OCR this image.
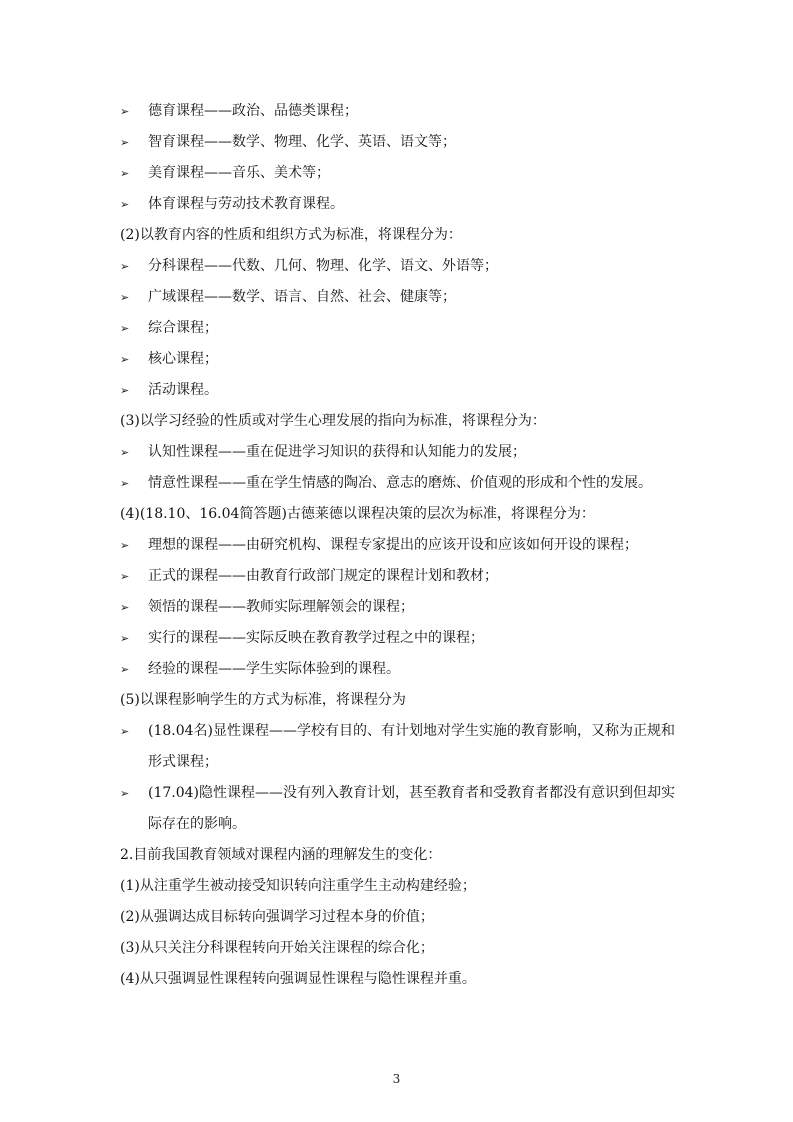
➢	德育课程——政治、品德类课程；
➢	智育课程——数学、物理、化学、英语、语文等；
➢	美育课程——音乐、美术等；
➢	体育课程与劳动技术教育课程。
(2)以教育内容的性质和组织方式为标准，将课程分为：
➢	分科课程——代数、几何、物理、化学、语文、外语等；
➢	广域课程——数学、语言、自然、社会、健康等；
➢	综合课程；
➢	核心课程；
➢	活动课程。
(3)以学习经验的性质或对学生心理发展的指向为标准，将课程分为：
➢	认知性课程——重在促进学习知识的获得和认知能力的发展；
➢	情意性课程——重在学生情感的陶冶、意志的磨炼、价值观的形成和个性的发展。
(4)(18.10、16.04简答题)古德莱德以课程决策的层次为标准，将课程分为：
➢	理想的课程——由研究机构、课程专家提出的应该开设和应该如何开设的课程；
➢	正式的课程——由教育行政部门规定的课程计划和教材；
➢	领悟的课程——教师实际理解领会的课程；
➢	实行的课程——实际反映在教育教学过程之中的课程；
➢	经验的课程——学生实际体验到的课程。
(5)以课程影响学生的方式为标准，将课程分为
➢	(18.04名)显性课程——学校有目的、有计划地对学生实施的教育影响，又称为正规和
形式课程；
➢	(17.04)隐性课程——没有列入教育计划，甚至教育者和受教育者都没有意识到但却实
际存在的影响。
2.目前我国教育领域对课程内涵的理解发生的变化：
(1)从注重学生被动接受知识转向注重学生主动构建经验；
(2)从强调达成目标转向强调学习过程本身的价值；
(3)从只关注分科课程转向开始关注课程的综合化；
(4)从只强调显性课程转向强调显性课程与隐性课程并重。
3
